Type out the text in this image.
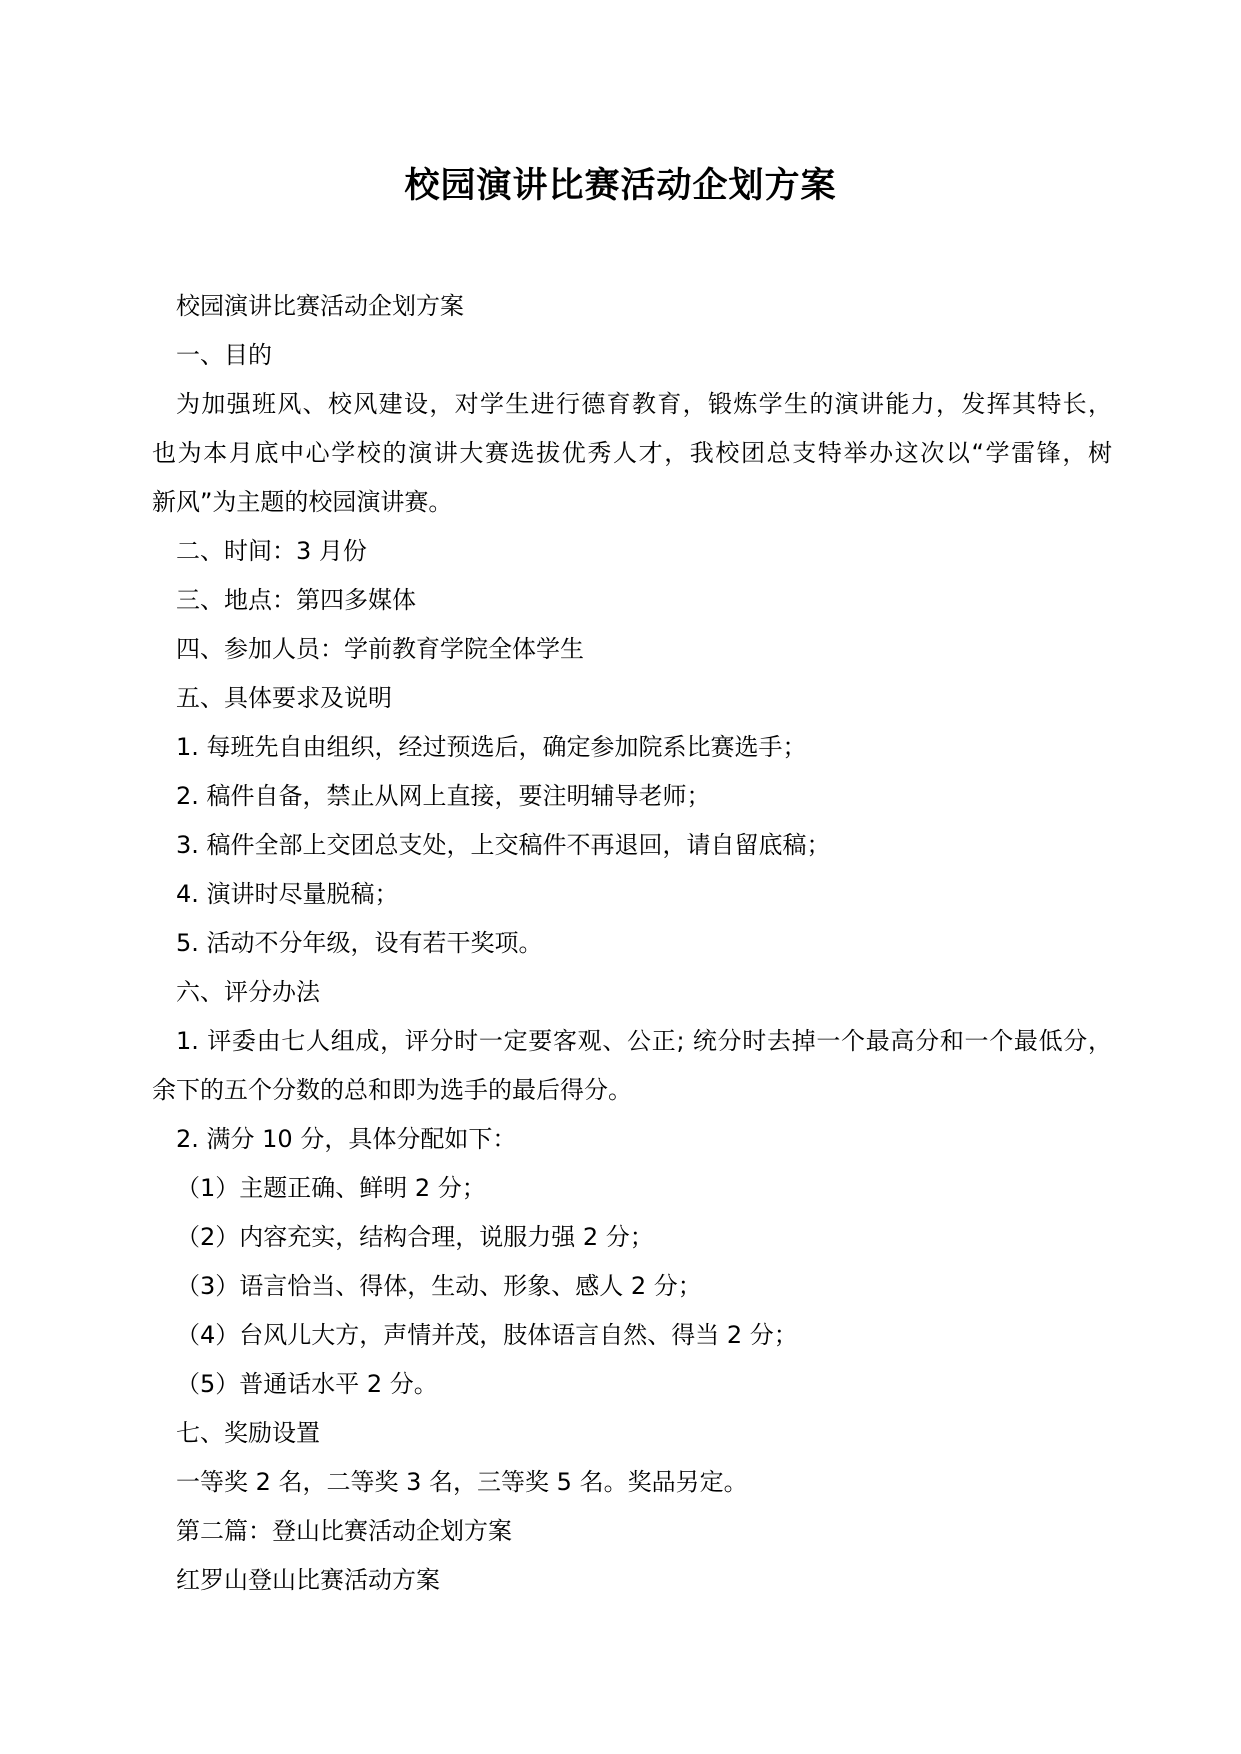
校园演讲比赛活动企划方案
校园演讲比赛活动企划方案
一、目的
为加强班风、校风建设，对学生进行德育教育，锻炼学生的演讲能力，发挥其特长，
也为本月底中心学校的演讲大赛选拔优秀人才，我校团总支特举办这次以“学雷锋，树
新风”为主题的校园演讲赛。
二、时间：3 月份
三、地点：第四多媒体
四、参加人员：学前教育学院全体学生
五、具体要求及说明
1. 每班先自由组织，经过预选后，确定参加院系比赛选手；
2. 稿件自备，禁止从网上直接，要注明辅导老师；
3. 稿件全部上交团总支处，上交稿件不再退回，请自留底稿；
4. 演讲时尽量脱稿；
5. 活动不分年级，设有若干奖项。
六、评分办法
1. 评委由七人组成，评分时一定要客观、公正; 统分时去掉一个最高分和一个最低分，
余下的五个分数的总和即为选手的最后得分。
2. 满分 10 分，具体分配如下：
（1）主题正确、鲜明 2 分；
（2）内容充实，结构合理，说服力强 2 分；
（3）语言恰当、得体，生动、形象、感人 2 分；
（4）台风儿大方，声情并茂，肢体语言自然、得当 2 分；
（5）普通话水平 2 分。
七、奖励设置
一等奖 2 名，二等奖 3 名，三等奖 5 名。奖品另定。
第二篇：登山比赛活动企划方案
红罗山登山比赛活动方案
